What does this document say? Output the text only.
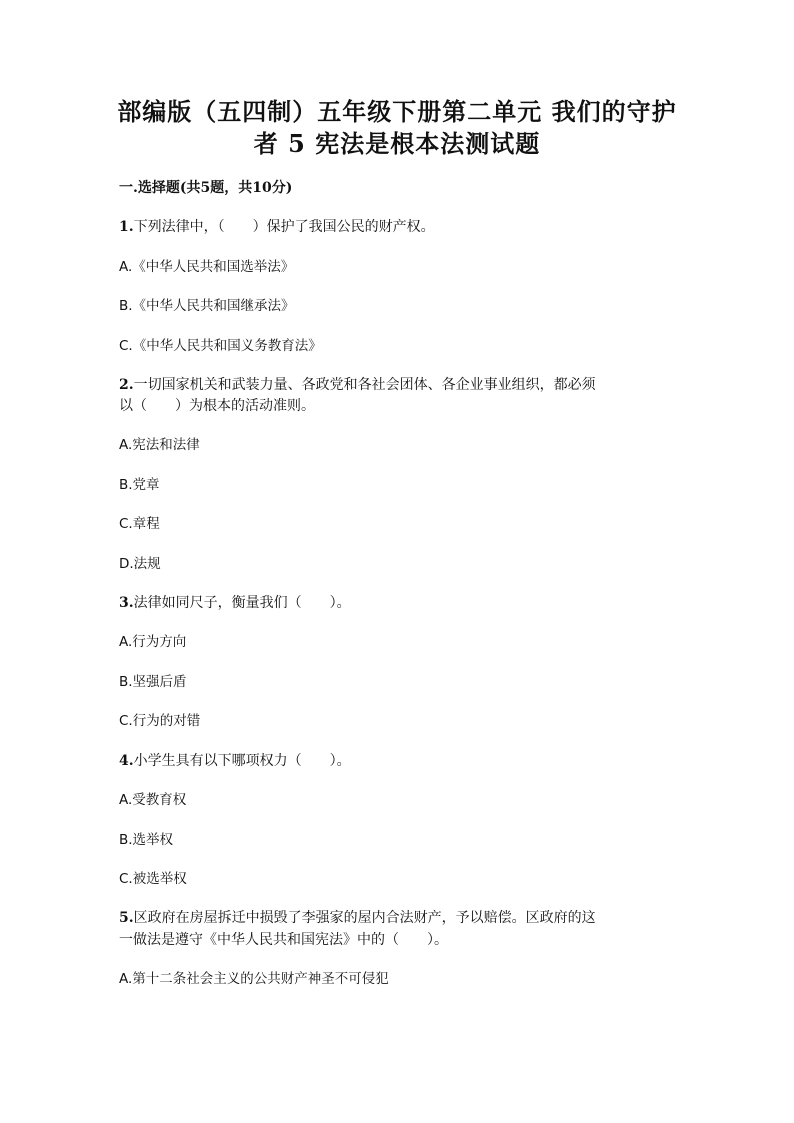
部编版（五四制）五年级下册第二单元 我们的守护
者 5 宪法是根本法测试题
一.选择题(共5题，共10分)
1.下列法律中，（　　）保护了我国公民的财产权。
A.《中华人民共和国选举法》
B.《中华人民共和国继承法》
C.《中华人民共和国义务教育法》
2.一切国家机关和武装力量、各政党和各社会团体、各企业事业组织，都必须
以（　　）为根本的活动准则。
A.宪法和法律
B.党章
C.章程
D.法规
3.法律如同尺子，衡量我们（　　）。
A.行为方向
B.坚强后盾
C.行为的对错
4.小学生具有以下哪项权力（　　）。
A.受教育权
B.选举权
C.被选举权
5.区政府在房屋拆迁中损毁了李强家的屋内合法财产，予以赔偿。区政府的这
一做法是遵守《中华人民共和国宪法》中的（　　）。
A.第十二条社会主义的公共财产神圣不可侵犯
